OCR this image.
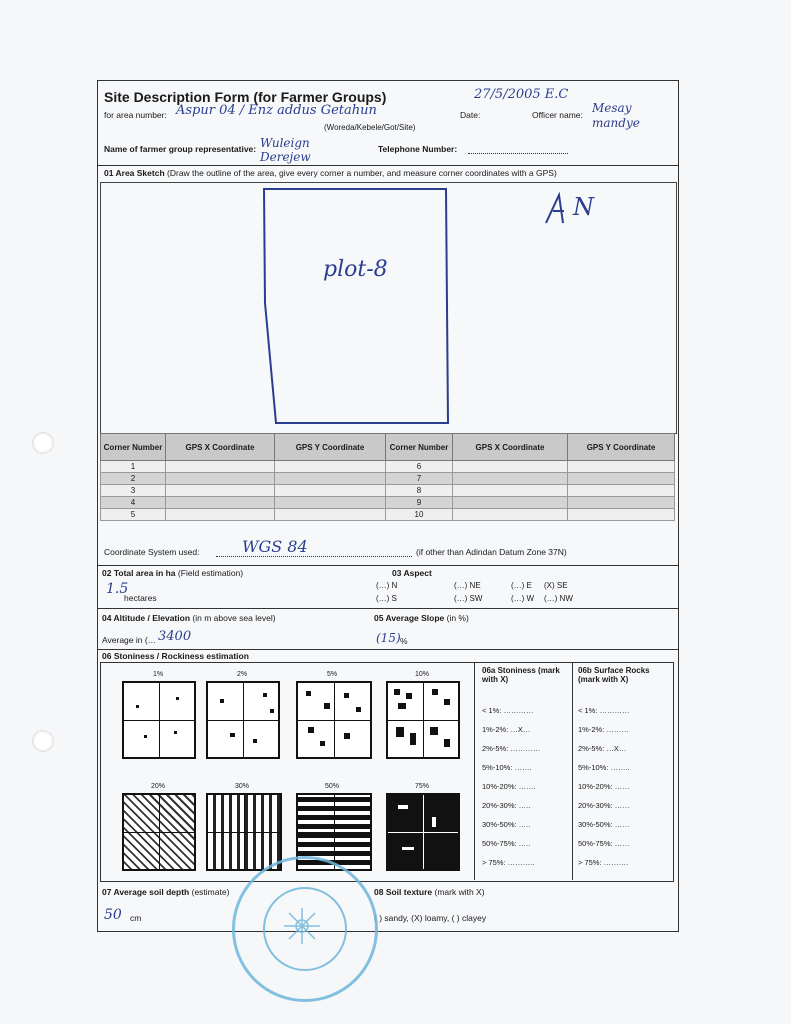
Site Description Form (for Farmer Groups)
for area number: Aspur 04 / Enz addus Getahun
(Woreda/Kebele/Got/Site)
Date:
27/5/2005 E.C
Officer name: Mesay mandye
Name of farmer group representative: Wuleign Derejew
Telephone Number:
01 Area Sketch (Draw the outline of the area, give every corner a number, and measure corner coordinates with a GPS)
plot-8
N
Corner Number	GPS X Coordinate	GPS Y Coordinate	Corner Number	GPS X Coordinate	GPS Y Coordinate
1			6		
2			7		
3			8		
4			9		
5			10		
Coordinate System used:	WGS 84	(if other than Adindan Datum Zone 37N)
02 Total area in ha (Field estimation)
1.5
hectares
03 Aspect
(…) N	(…) NE	(…) E (X) SE
(…) S	(…) SW	(…) W (…) NW
04 Altitude / Elevation (in m above sea level)
Average in (… 3400
05 Average Slope (in %)
(15) %
06 Stoniness / Rockiness estimation
1%	2%	5%	10%
20%	30%	50%	75%
06a Stoniness (mark with X)
06b Surface Rocks (mark with X)
< 1%: …………
1%-2%: …X…
2%-5%: …………
5%-10%: …….
10%-20%: …….
20%-30%: …..
30%-50%: …..
50%-75%: …..
> 75%: ………..
< 1%: …………
1%-2%: ………
2%-5%: …X…
5%-10%: ……..
10%-20%: ……
20%-30%: ……
30%-50%: ……
50%-75%: ……
> 75%: ……….
07 Average soil depth (estimate)
50 cm
08 Soil texture (mark with X)
( ) sandy, (X) loamy, ( ) clayey
